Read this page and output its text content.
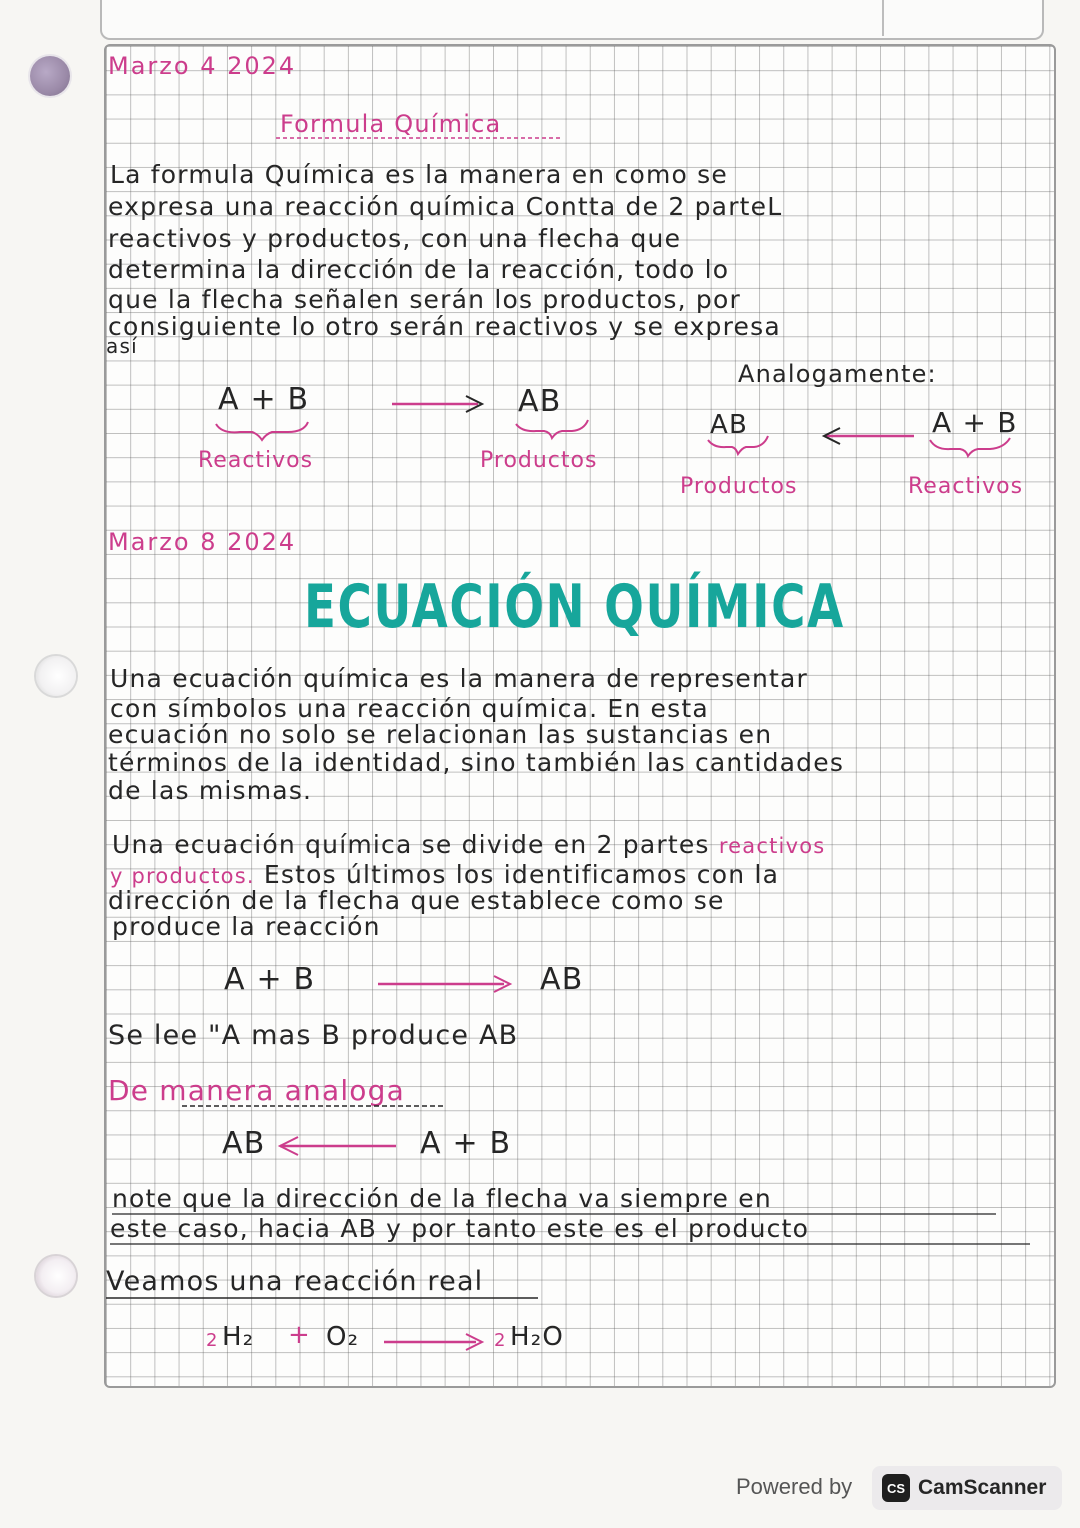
Marzo 4 2024
Formula Química
La formula Química es la manera en como se
expresa una reacción química Contta de 2 parteL
reactivos y productos, con una flecha que
determina la dirección de la reacción, todo lo
que la flecha señalen serán los productos, por
consiguiente lo otro serán reactivos y se expresa
así
A + B	AB
Reactivos	Productos
Analogamente:
AB	A + B
Productos	Reactivos
Marzo 8 2024
ECUACIÓN QUÍMICA
Una ecuación química es la manera de representar
con símbolos una reacción química. En esta
ecuación no solo se relacionan las sustancias en
términos de la identidad, sino también las cantidades
de las mismas.
Una ecuación química se divide en 2 partes reactivos
y productos. Estos últimos los identificamos con la
dirección de la flecha que establece como se
produce la reacción
A + B	AB
Se lee "A mas B produce AB
De manera analoga
AB	A + B
note que la dirección de la flecha va siempre en
este caso, hacia AB y por tanto este es el producto
Veamos una reacción real
2 H₂ + O₂	2 H₂O
Powered by	CS CamScanner
